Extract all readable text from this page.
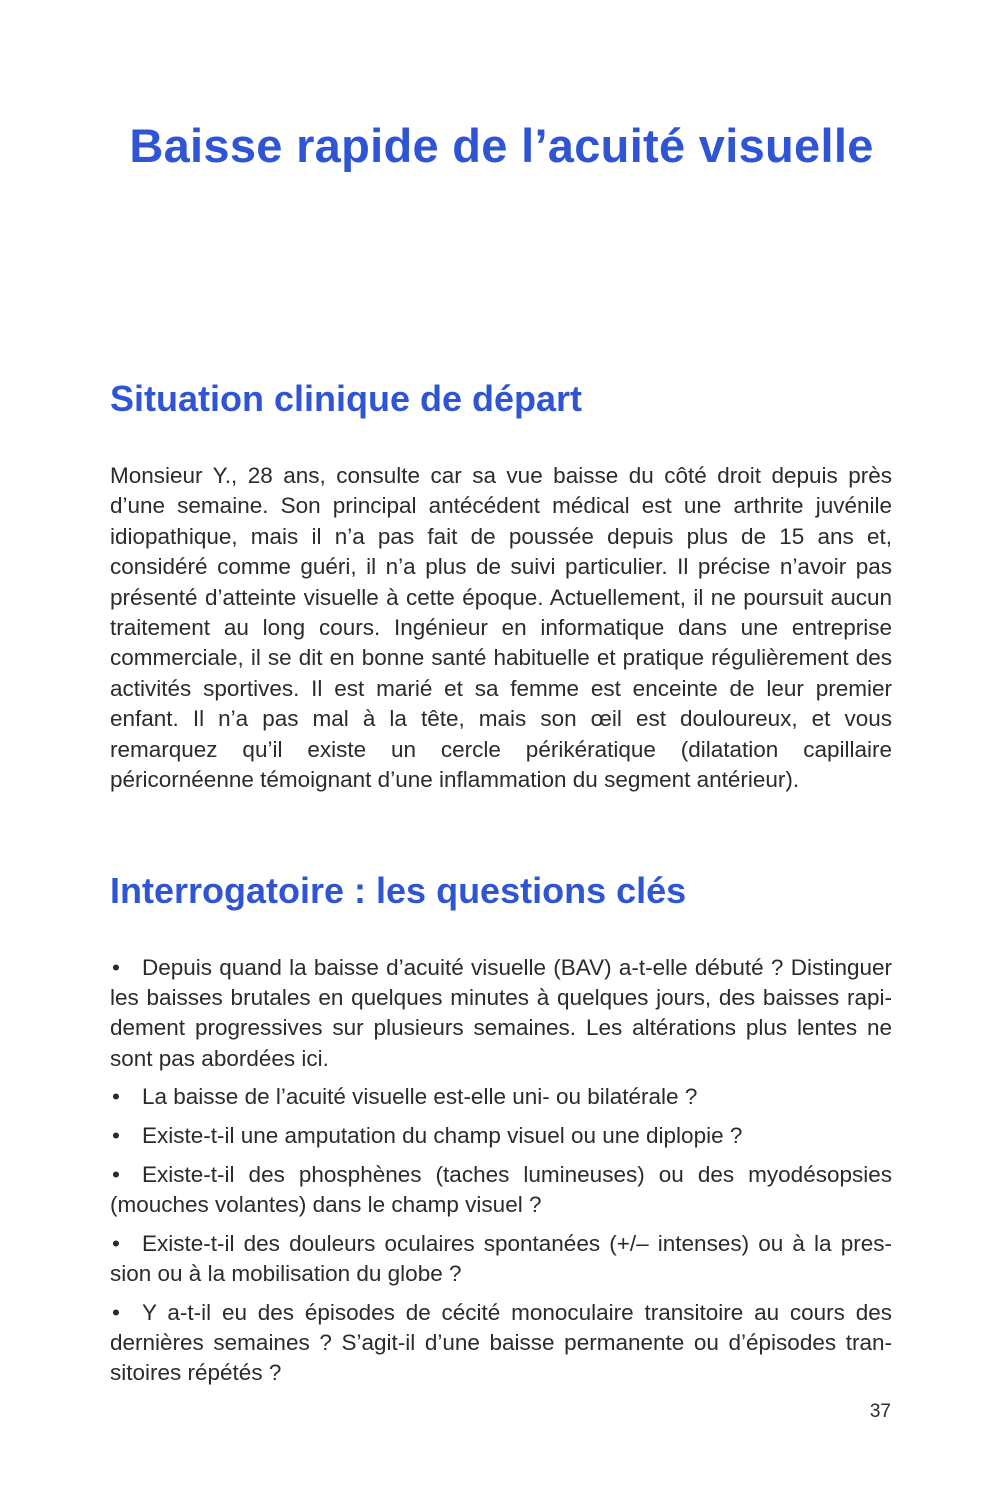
Baisse rapide de l’acuité visuelle
Situation clinique de départ

Monsieur Y., 28 ans, consulte car sa vue baisse du côté droit depuis près d’une semaine. Son principal antécédent médical est une arthrite juvénile idiopathique, mais il n’a pas fait de poussée depuis plus de 15 ans et, considéré comme guéri, il n’a plus de suivi particulier. Il précise n’avoir pas présenté d’atteinte visuelle à cette époque. Actuellement, il ne poursuit aucun traitement au long cours. Ingénieur en informatique dans une entreprise commerciale, il se dit en bonne santé habituelle et pratique régulièrement des activités sportives. Il est marié et sa femme est enceinte de leur premier enfant. Il n’a pas mal à la tête, mais son œil est douloureux, et vous remarquez qu’il existe un cercle périkératique (dilatation capillaire péricornéenne témoignant d’une inflammation du segment antérieur).

Interrogatoire : les questions clés
• Depuis quand la baisse d’acuité visuelle (BAV) a-t-elle débuté ? Distinguer les baisses brutales en quelques minutes à quelques jours, des baisses rapidement progressives sur plusieurs semaines. Les altérations plus lentes ne sont pas abordées ici.
• La baisse de l’acuité visuelle est-elle uni- ou bilatérale ?
• Existe-t-il une amputation du champ visuel ou une diplopie ?
• Existe-t-il des phosphènes (taches lumineuses) ou des myodésopsies (mouches volantes) dans le champ visuel ?
• Existe-t-il des douleurs oculaires spontanées (+/– intenses) ou à la pression ou à la mobilisation du globe ?
• Y a-t-il eu des épisodes de cécité monoculaire transitoire au cours des dernières semaines ? S’agit-il d’une baisse permanente ou d’épisodes transitoires répétés ?
37
